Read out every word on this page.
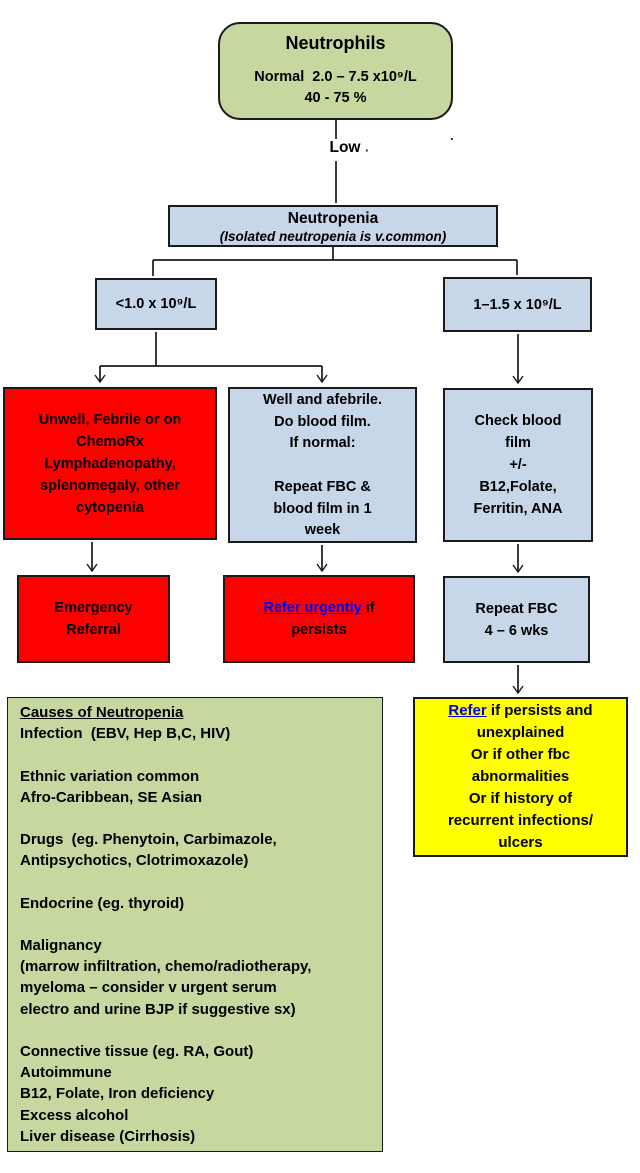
Neutrophils
Normal  2.0 – 7.5 x10⁹/L
40 - 75 %
Low ·
.
Neutropenia
(Isolated neutropenia is v.common)
<1.0 x 10⁹/L	1–1.5 x 10⁹/L
Unwell, Febrile or on
ChemoRx
Lymphadenopathy,
splenomegaly, other
cytopenia
Well and afebrile.
Do blood film.
If normal:

Repeat FBC &
blood film in 1
week
Check blood
film
+/-
B12,Folate,
Ferritin, ANA
Emergency
Referral
Refer urgently if
persists
Repeat FBC
4 – 6 wks
Refer if persists and
unexplained
Or if other fbc
abnormalities
Or if history of
recurrent infections/
ulcers
Causes of Neutropenia
Infection  (EBV, Hep B,C, HIV)

Ethnic variation common
Afro-Caribbean, SE Asian

Drugs  (eg. Phenytoin, Carbimazole,
Antipsychotics, Clotrimoxazole)

Endocrine (eg. thyroid)

Malignancy
(marrow infiltration, chemo/radiotherapy,
myeloma – consider v urgent serum
electro and urine BJP if suggestive sx)

Connective tissue (eg. RA, Gout)
Autoimmune
B12, Folate, Iron deficiency
Excess alcohol
Liver disease (Cirrhosis)
